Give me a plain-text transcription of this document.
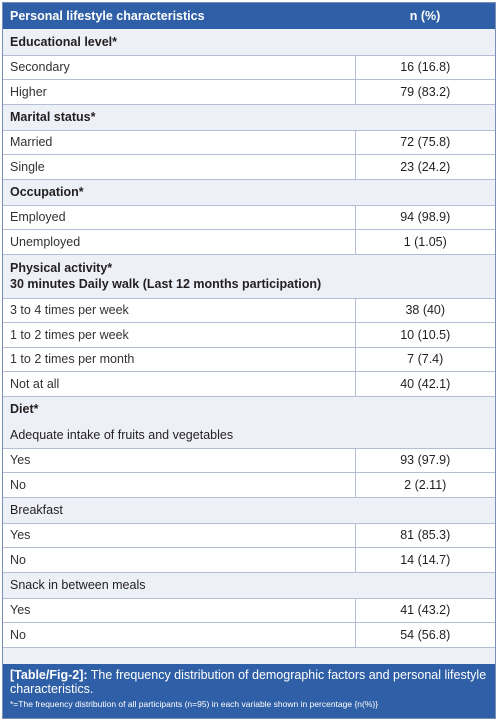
Personal lifestyle characteristics	n (%)
Educational level*	
Secondary	16 (16.8)
Higher	79 (83.2)
Marital status*	
Married	72 (75.8)
Single	23 (24.2)
Occupation*	
Employed	94 (98.9)
Unemployed	1 (1.05)

Physical activity*
30 minutes Daily walk (Last 12 months participation)	

3 to 4 times per week	38 (40)
1 to 2 times per week	10 (10.5)
1 to 2 times per month	7 (7.4)
Not at all	40 (42.1)
Diet*	
Adequate intake of fruits and vegetables	
Yes	93 (97.9)
No	2 (2.11)
Breakfast	
Yes	81 (85.3)
No	14 (14.7)
Snack in between meals	
Yes	41 (43.2)
No	54 (56.8)
[Table/Fig-2]: The frequency distribution of demographic factors and personal lifestyle characteristics.
*=The frequency distribution of all participants (n=95) in each variable shown in percentage {n(%)}
